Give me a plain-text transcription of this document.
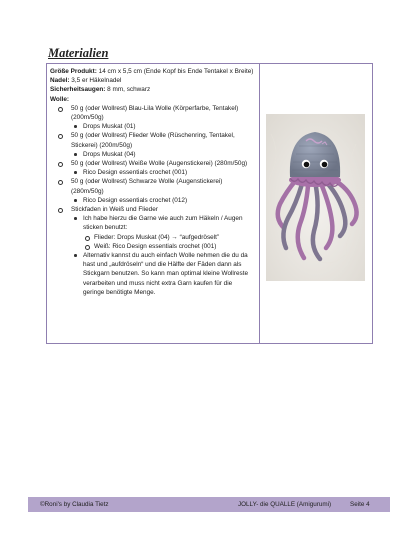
Materialien
Größe Produkt: 14 cm x 5,5 cm (Ende Kopf bis Ende Tentakel x Breite)
Nadel: 3,5 er Häkelnadel
Sicherheitsaugen: 8 mm, schwarz
Wolle:
50 g (oder Wollrest) Blau-Lila Wolle (Körperfarbe, Tentakel) (200m/50g)
Drops Muskat (01)
50 g (oder Wollrest) Flieder Wolle (Rüschenring, Tentakel, Stickerei) (200m/50g)
Drops Muskat (04)
50 g (oder Wollrest) Weiße Wolle (Augenstickerei) (280m/50g)
Rico Design essentials crochet (001)
50 g (oder Wollrest) Schwarze Wolle (Augenstickerei) (280m/50g)
Rico Design essentials crochet (012)
Stickfaden in Weiß und Flieder
Ich habe hierzu die Garne wie auch zum Häkeln / Augen sticken benutzt:
Flieder: Drops Muskat (04) → “aufgedröselt”
Weiß: Rico Design essentials crochet (001)
Alternativ kannst du auch einfach Wolle nehmen die du da hast und „aufdröseln“ und die Hälfte der Fäden dann als Stickgarn benutzen. So kann man optimal kleine Wollreste verarbeiten und muss nicht extra Garn kaufen für die geringe benötigte Menge.
©Roni's by Claudia Tietz	JOLLY- die QUALLE (Amigurumi)	Seite 4
